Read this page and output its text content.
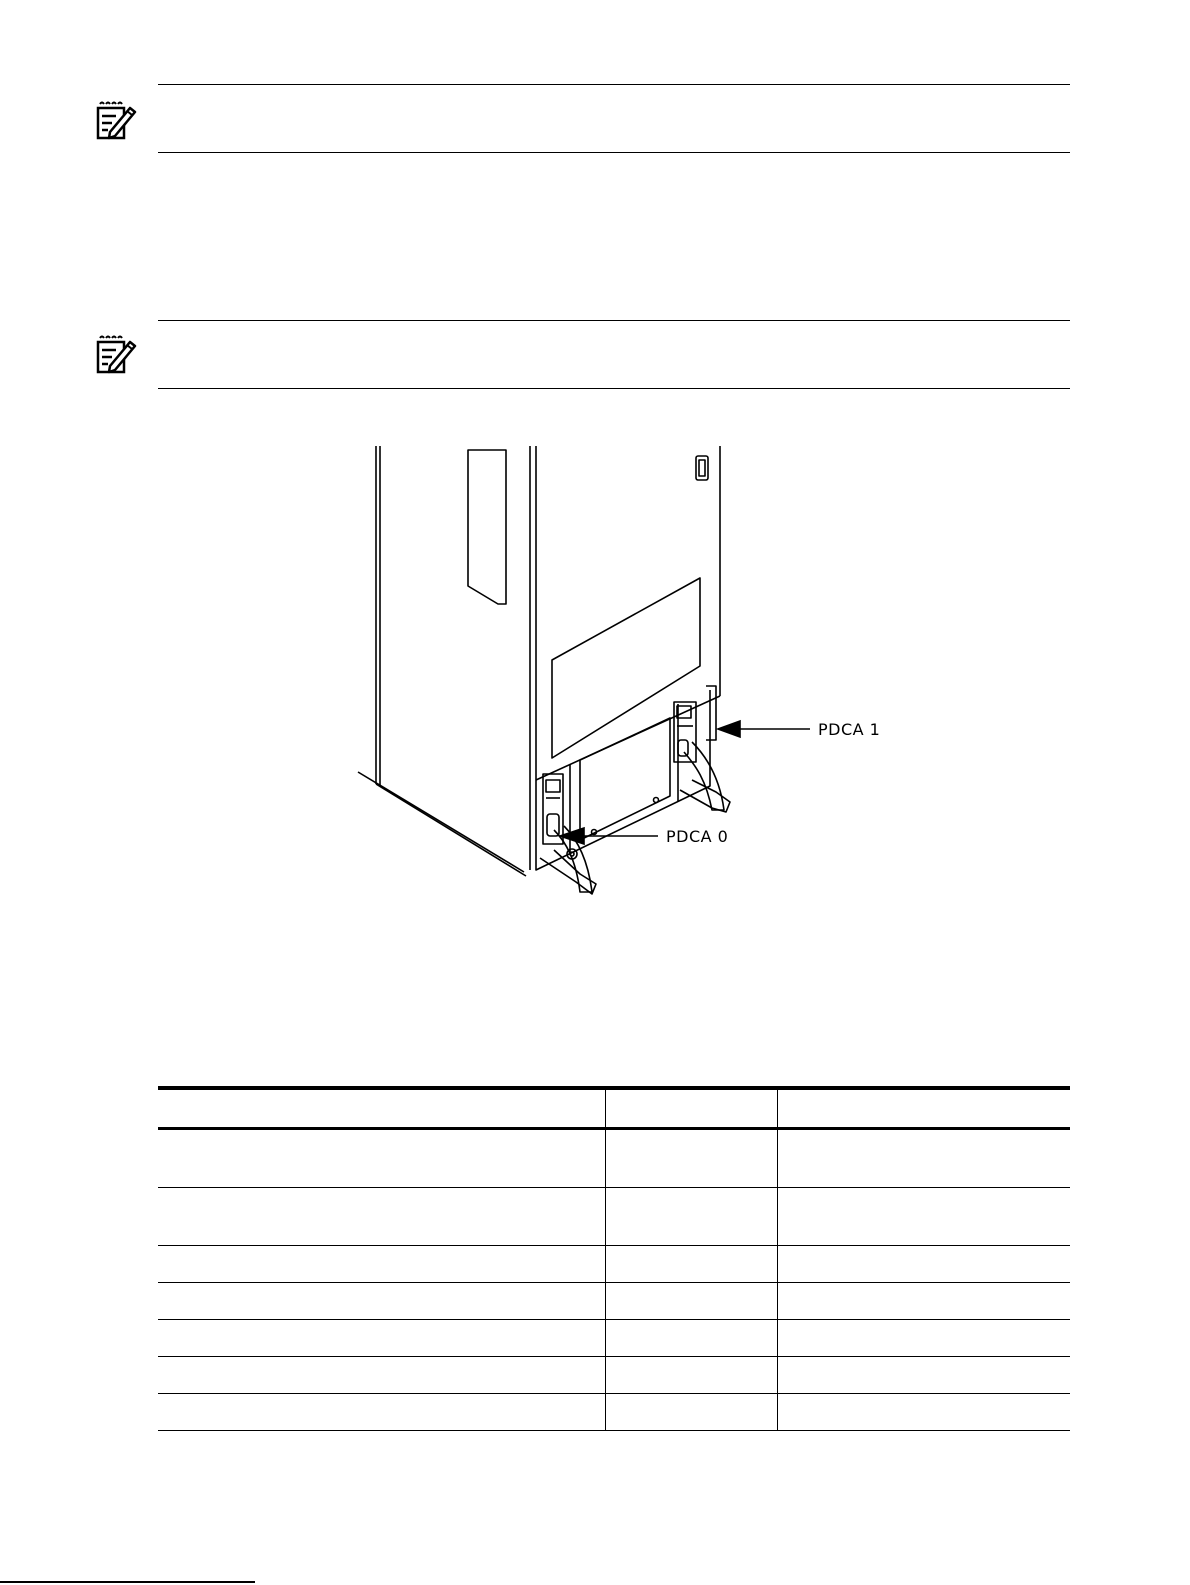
PDCA 1
PDCA 0
